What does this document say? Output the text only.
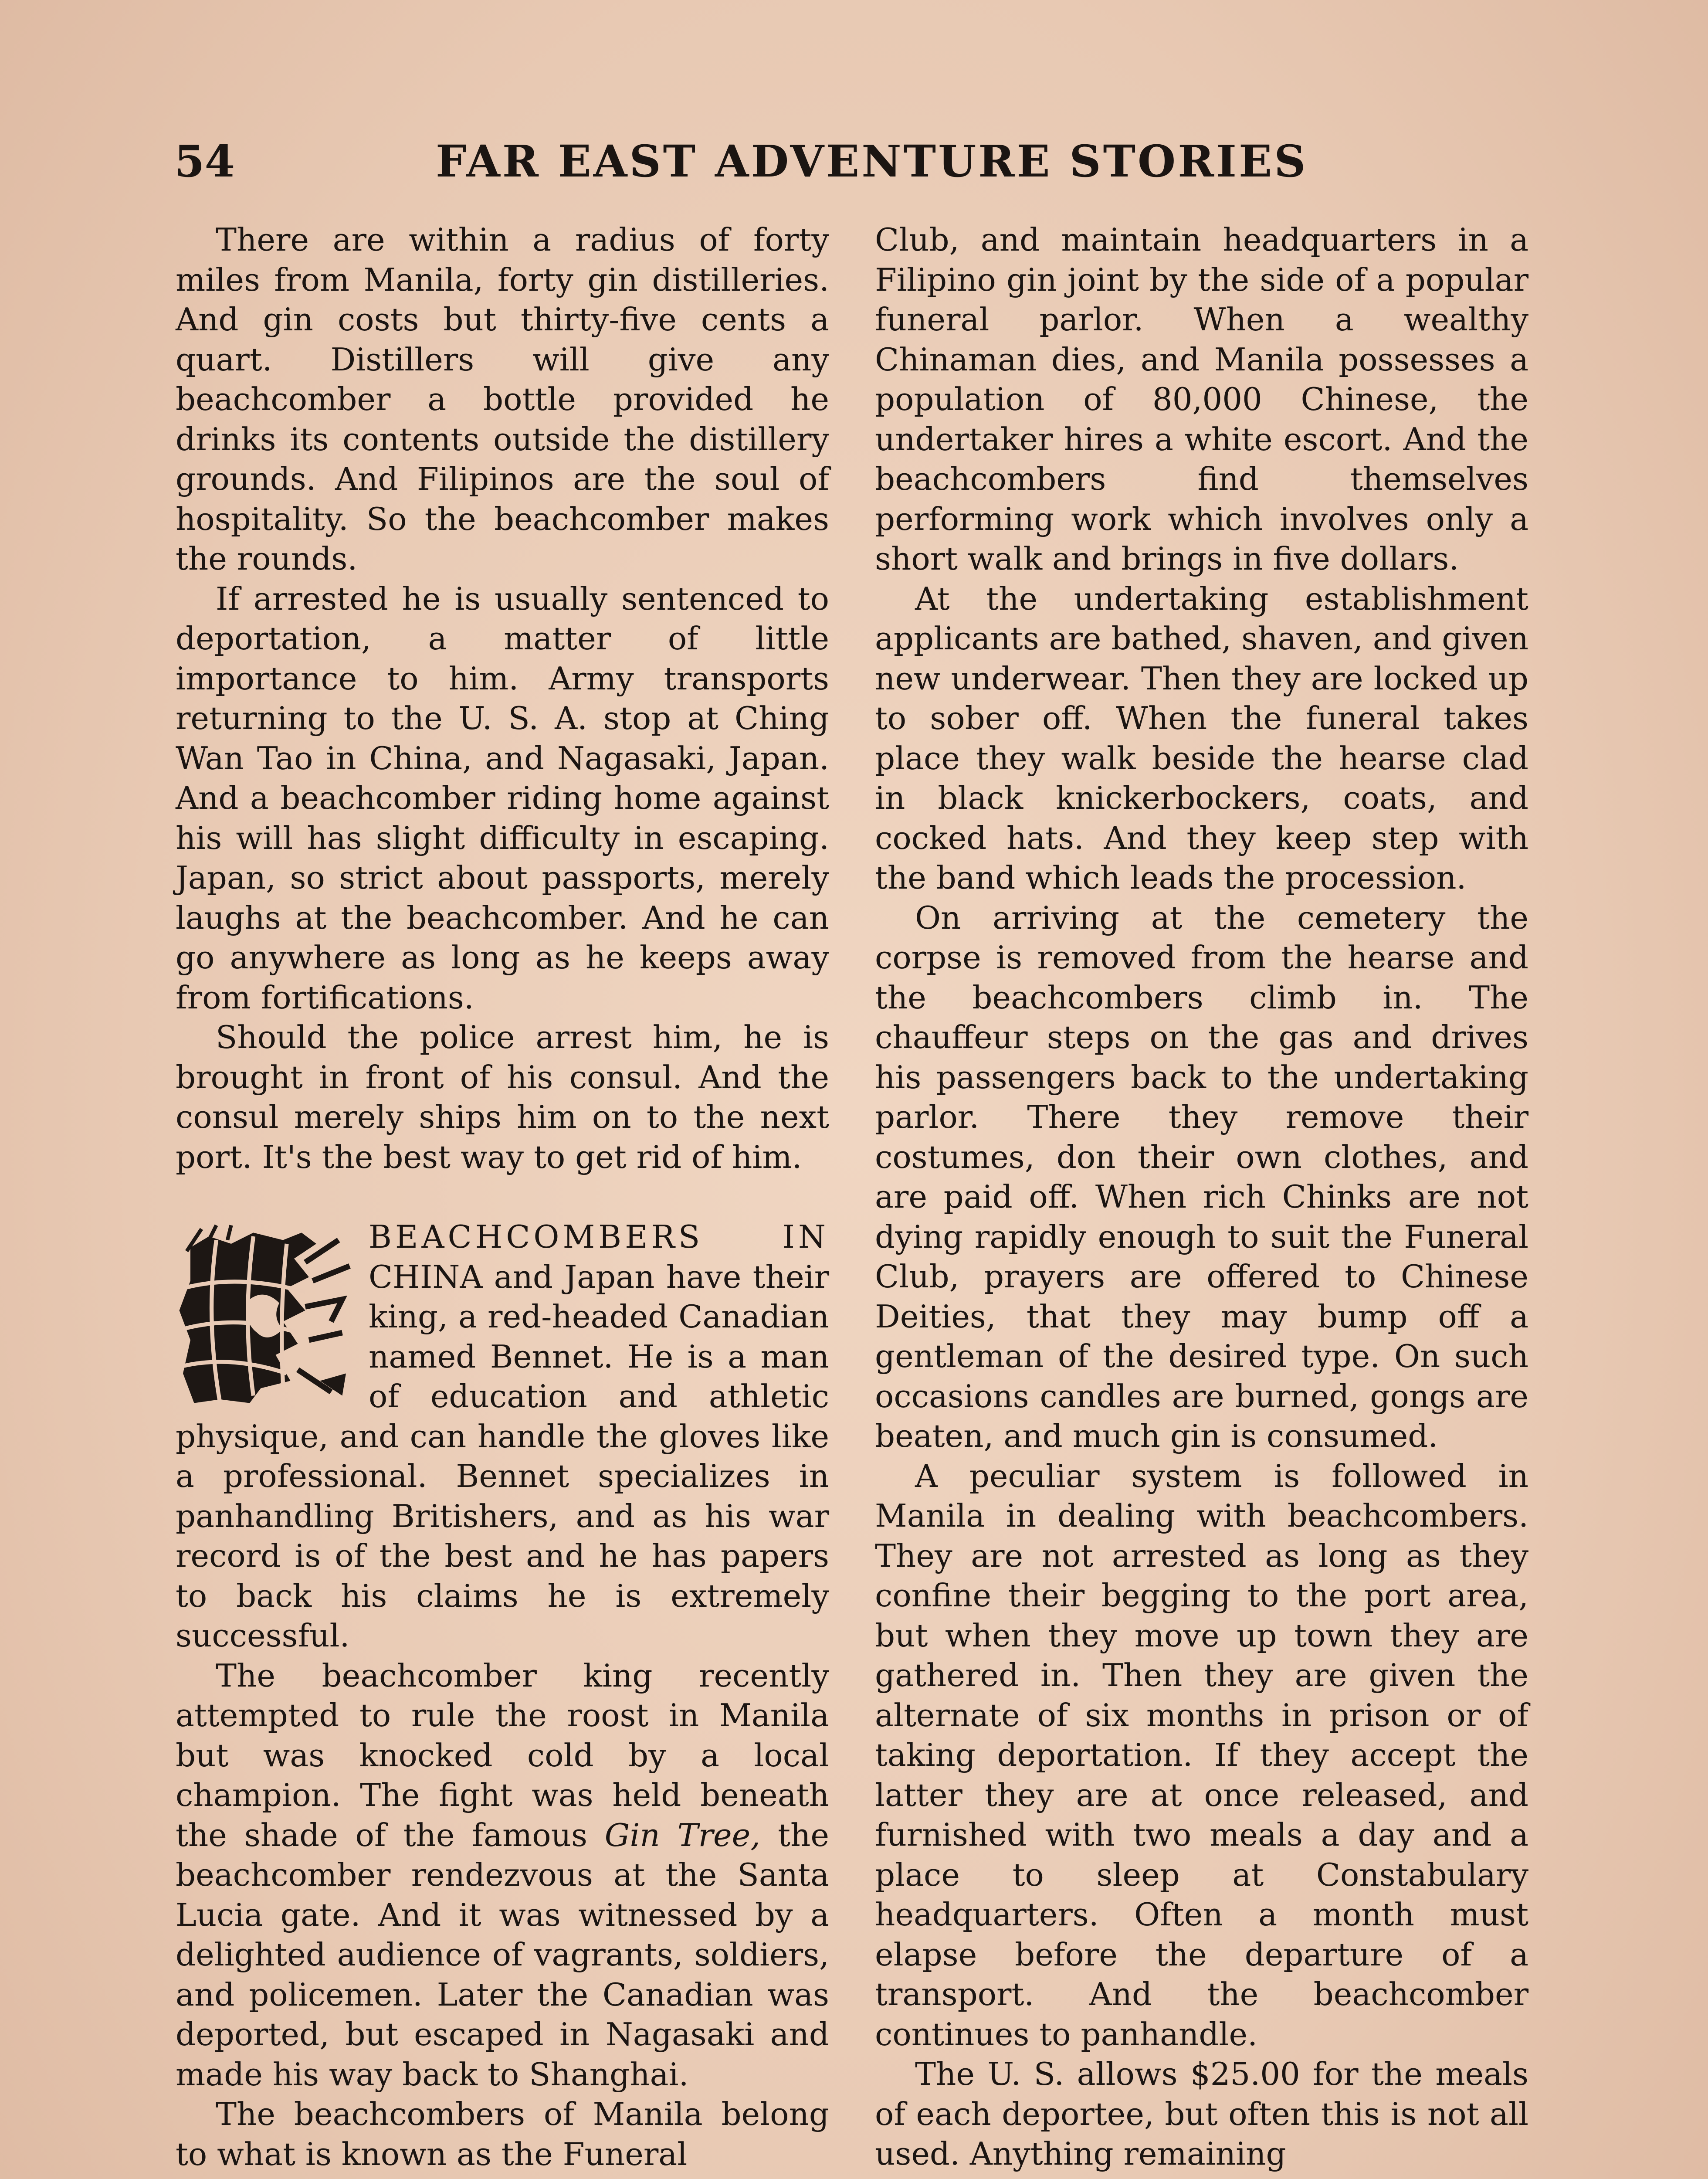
54	FAR EAST ADVENTURE STORIES

There are within a radius of forty miles from Manila, forty gin distilleries. And gin costs but thirty-five cents a quart. Distillers will give any beachcomber a bottle provided he drinks its contents outside the distillery grounds. And Filipinos are the soul of hospitality. So the beachcomber makes the rounds.

If arrested he is usually sentenced to deportation, a matter of little importance to him. Army transports returning to the U. S. A. stop at Ching Wan Tao in China, and Nagasaki, Japan. And a beachcomber riding home against his will has slight difficulty in escaping. Japan, so strict about passports, merely laughs at the beachcomber. And he can go anywhere as long as he keeps away from fortifications.

Should the police arrest him, he is brought in front of his consul. And the consul merely ships him on to the next port. It's the best way to get rid of him.

BEACHCOMBERS IN CHINA and Japan have their king, a red-headed Canadian named Bennet. He is a man of education and athletic physique, and can handle the gloves like a professional. Bennet specializes in panhandling Britishers, and as his war record is of the best and he has papers to back his claims he is extremely successful.

The beachcomber king recently attempted to rule the roost in Manila but was knocked cold by a local champion. The fight was held beneath the shade of the famous Gin Tree, the beachcomber rendezvous at the Santa Lucia gate. And it was witnessed by a delighted audience of vagrants, soldiers, and policemen. Later the Canadian was deported, but escaped in Nagasaki and made his way back to Shanghai.

The beachcombers of Manila belong to what is known as the Funeral

Club, and maintain headquarters in a Filipino gin joint by the side of a popular funeral parlor. When a wealthy Chinaman dies, and Manila possesses a population of 80,000 Chinese, the undertaker hires a white escort. And the beachcombers find themselves performing work which involves only a short walk and brings in five dollars.

At the undertaking establishment applicants are bathed, shaven, and given new underwear. Then they are locked up to sober off. When the funeral takes place they walk beside the hearse clad in black knickerbockers, coats, and cocked hats. And they keep step with the band which leads the procession.

On arriving at the cemetery the corpse is removed from the hearse and the beachcombers climb in. The chauffeur steps on the gas and drives his passengers back to the undertaking parlor. There they remove their costumes, don their own clothes, and are paid off. When rich Chinks are not dying rapidly enough to suit the Funeral Club, prayers are offered to Chinese Deities, that they may bump off a gentleman of the desired type. On such occasions candles are burned, gongs are beaten, and much gin is consumed.

A peculiar system is followed in Manila in dealing with beachcombers. They are not arrested as long as they confine their begging to the port area, but when they move up town they are gathered in. Then they are given the alternate of six months in prison or of taking deportation. If they accept the latter they are at once released, and furnished with two meals a day and a place to sleep at Constabulary headquarters. Often a month must elapse before the departure of a transport. And the beachcomber continues to panhandle.

The U. S. allows $25.00 for the meals of each deportee, but often this is not all used. Anything remaining
